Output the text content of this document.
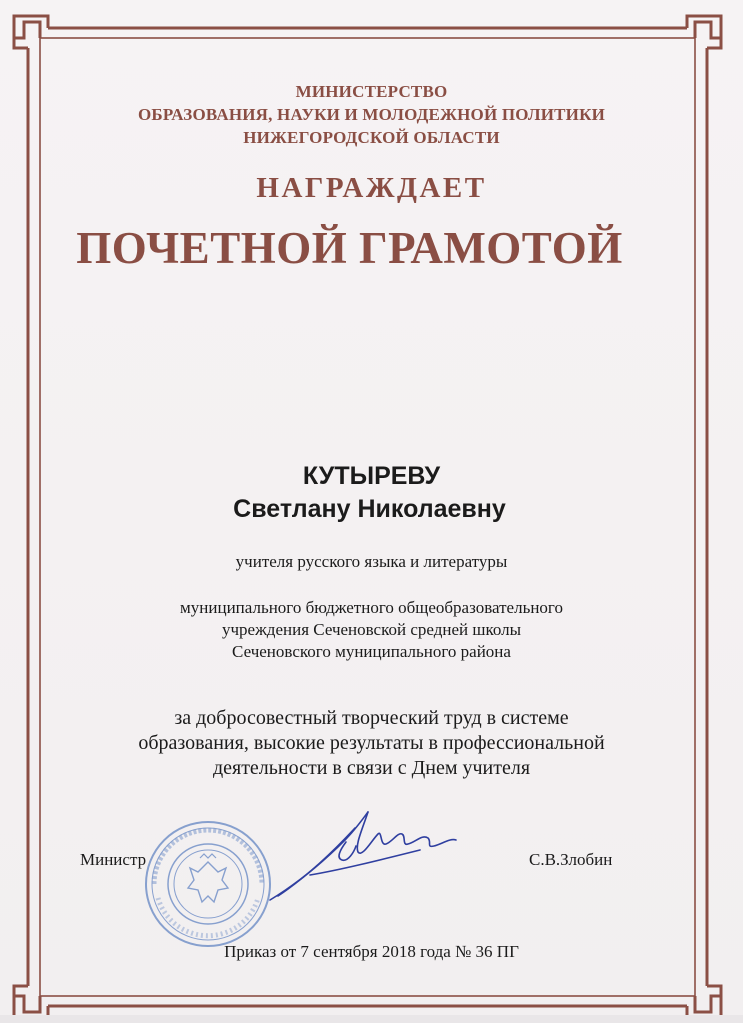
МИНИСТЕРСТВО
ОБРАЗОВАНИЯ, НАУКИ И МОЛОДЕЖНОЙ ПОЛИТИКИ
НИЖЕГОРОДСКОЙ ОБЛАСТИ
НАГРАЖДАЕТ
ПОЧЕТНОЙ ГРАМОТОЙ
КУТЫРЕВУ
Светлану Николаевну
учителя русского языка и литературы
муниципального бюджетного общеобразовательного
учреждения Сеченовской средней школы
Сеченовского муниципального района
за добросовестный творческий труд в системе
образования, высокие результаты в профессиональной
деятельности в связи с Днем учителя
Министр	С.В.Злобин
Приказ от 7 сентября 2018 года № 36 ПГ
